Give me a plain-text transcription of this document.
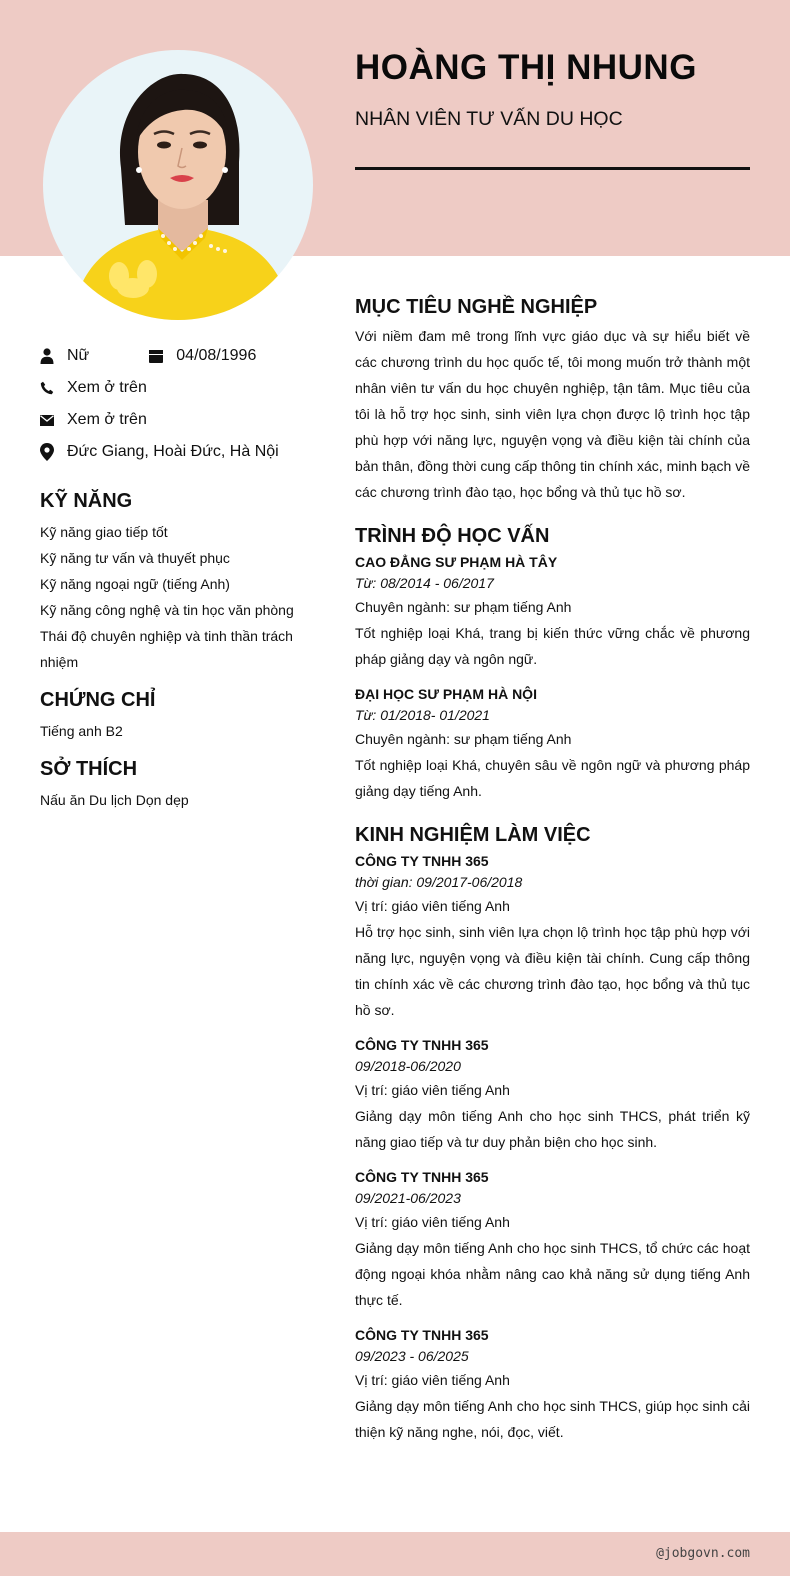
HOÀNG THỊ NHUNG
NHÂN VIÊN TƯ VẤN DU HỌC
Nữ	04/08/1996
Xem ở trên
Xem ở trên
Đức Giang, Hoài Đức, Hà Nội
KỸ NĂNG
Kỹ năng giao tiếp tốt
Kỹ năng tư vấn và thuyết phục
Kỹ năng ngoại ngữ (tiếng Anh)
Kỹ năng công nghệ và tin học văn phòng
Thái độ chuyên nghiệp và tinh thần trách nhiệm
CHỨNG CHỈ
Tiếng anh B2
SỞ THÍCH
Nấu ăn Du lịch Dọn dẹp
MỤC TIÊU NGHỀ NGHIỆP
Với niềm đam mê trong lĩnh vực giáo dục và sự hiểu biết về các chương trình du học quốc tế, tôi mong muốn trở thành một nhân viên tư vấn du học chuyên nghiệp, tận tâm. Mục tiêu của tôi là hỗ trợ học sinh, sinh viên lựa chọn được lộ trình học tập phù hợp với năng lực, nguyện vọng và điều kiện tài chính của bản thân, đồng thời cung cấp thông tin chính xác, minh bạch về các chương trình đào tạo, học bổng và thủ tục hồ sơ.
TRÌNH ĐỘ HỌC VẤN
CAO ĐẲNG SƯ PHẠM HÀ TÂY
Từ: 08/2014 - 06/2017
Chuyên ngành: sư phạm tiếng Anh
Tốt nghiệp loại Khá, trang bị kiến thức vững chắc về phương pháp giảng dạy và ngôn ngữ.
ĐẠI HỌC SƯ PHẠM HÀ NỘI
Từ: 01/2018- 01/2021
Chuyên ngành: sư phạm tiếng Anh
Tốt nghiệp loại Khá, chuyên sâu về ngôn ngữ và phương pháp giảng dạy tiếng Anh.
KINH NGHIỆM LÀM VIỆC
CÔNG TY TNHH 365
thời gian: 09/2017-06/2018
Vị trí: giáo viên tiếng Anh
Hỗ trợ học sinh, sinh viên lựa chọn lộ trình học tập phù hợp với năng lực, nguyện vọng và điều kiện tài chính. Cung cấp thông tin chính xác về các chương trình đào tạo, học bổng và thủ tục hồ sơ.
CÔNG TY TNHH 365
09/2018-06/2020
Vị trí: giáo viên tiếng Anh
Giảng dạy môn tiếng Anh cho học sinh THCS, phát triển kỹ năng giao tiếp và tư duy phản biện cho học sinh.
CÔNG TY TNHH 365
09/2021-06/2023
Vị trí: giáo viên tiếng Anh
Giảng dạy môn tiếng Anh cho học sinh THCS, tổ chức các hoạt động ngoại khóa nhằm nâng cao khả năng sử dụng tiếng Anh thực tế.
CÔNG TY TNHH 365
09/2023 - 06/2025
Vị trí: giáo viên tiếng Anh
Giảng dạy môn tiếng Anh cho học sinh THCS, giúp học sinh cải thiện kỹ năng nghe, nói, đọc, viết.
@jobgovn.com
